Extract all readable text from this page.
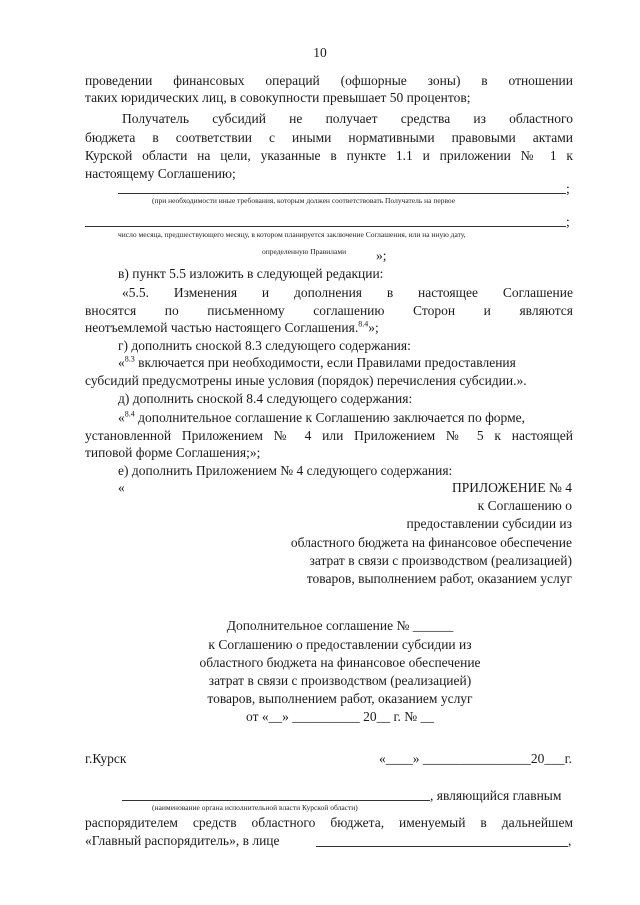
10
проведении финансовых операций (офшорные зоны) в отношении
таких юридических лиц, в совокупности превышает 50 процентов;
Получатель субсидий не получает средства из областного
бюджета в соответствии с иными нормативными правовыми актами
Курской области на цели, указанные в пункте 1.1 и приложении № 1 к
настоящему Соглашению;
;
(при необходимости иные требования, которым должен соответствовать Получатель на первое
;
число месяца, предшествующего месяцу, в котором планируется заключение Соглашения, или на иную дату,
определенную Правилами »;
в) пункт 5.5 изложить в следующей редакции:
«5.5. Изменения и дополнения в настоящее Соглашение
вносятся по письменному соглашению Сторон и являются
неотъемлемой частью настоящего Соглашения.$^{8.4}$»;
г) дополнить сноской 8.3 следующего содержания:
«$^{8.3}$ включается при необходимости, если Правилами предоставления
субсидий предусмотрены иные условия (порядок) перечисления субсидии.».
д) дополнить сноской 8.4 следующего содержания:
«$^{8.4}$ дополнительное соглашение к Соглашению заключается по форме,
установленной Приложением № 4 или Приложением № 5 к настоящей
типовой форме Соглашения;»;
е) дополнить Приложением № 4 следующего содержания:
«	ПРИЛОЖЕНИЕ № 4
к Соглашению о
предоставлении субсидии из
областного бюджета на финансовое обеспечение
затрат в связи с производством (реализацией)
товаров, выполнением работ, оказанием услуг
Дополнительное соглашение № ______
к Соглашению о предоставлении субсидии из
областного бюджета на финансовое обеспечение
затрат в связи с производством (реализацией)
товаров, выполнением работ, оказанием услуг
от «__» __________ 20__ г. № __
г.Курск	«____» ________________20___г.
, являющийся главным
(наименование органа исполнительной власти Курской области)
распорядителем средств областного бюджета, именуемый в дальнейшем
«Главный распорядитель», в лице	,
